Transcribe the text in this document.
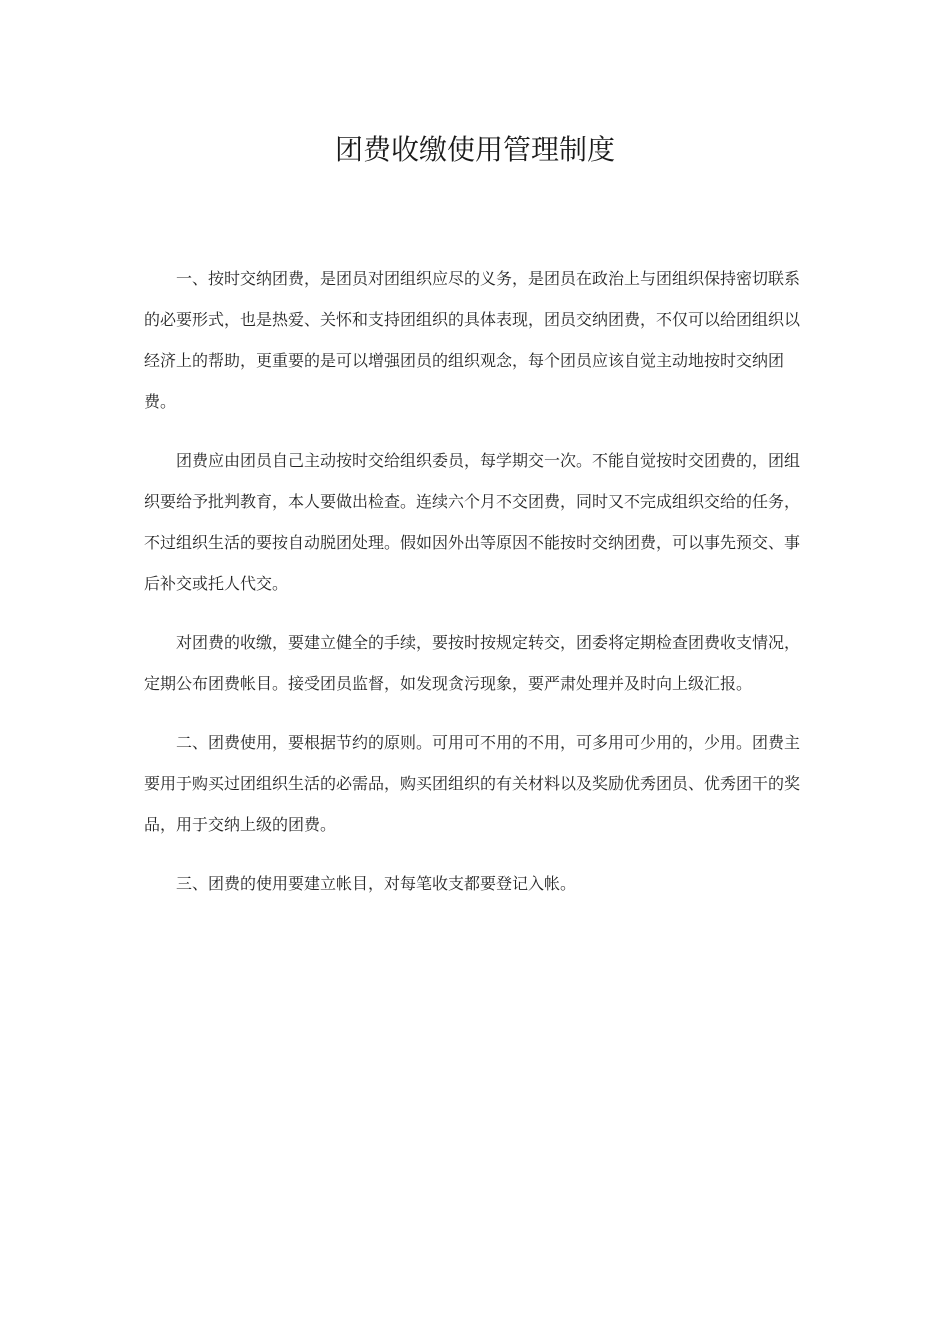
团费收缴使用管理制度

一、按时交纳团费，是团员对团组织应尽的义务，是团员在政治上与团组织保持密切联系的必要形式，也是热爱、关怀和支持团组织的具体表现，团员交纳团费，不仅可以给团组织以经济上的帮助，更重要的是可以增强团员的组织观念，每个团员应该自觉主动地按时交纳团费。

团费应由团员自己主动按时交给组织委员，每学期交一次。不能自觉按时交团费的，团组织要给予批判教育，本人要做出检查。连续六个月不交团费，同时又不完成组织交给的任务，不过组织生活的要按自动脱团处理。假如因外出等原因不能按时交纳团费，可以事先预交、事后补交或托人代交。

对团费的收缴，要建立健全的手续，要按时按规定转交，团委将定期检查团费收支情况，定期公布团费帐目。接受团员监督，如发现贪污现象，要严肃处理并及时向上级汇报。

二、团费使用，要根据节约的原则。可用可不用的不用，可多用可少用的，少用。团费主要用于购买过团组织生活的必需品，购买团组织的有关材料以及奖励优秀团员、优秀团干的奖品，用于交纳上级的团费。

三、团费的使用要建立帐目，对每笔收支都要登记入帐。
